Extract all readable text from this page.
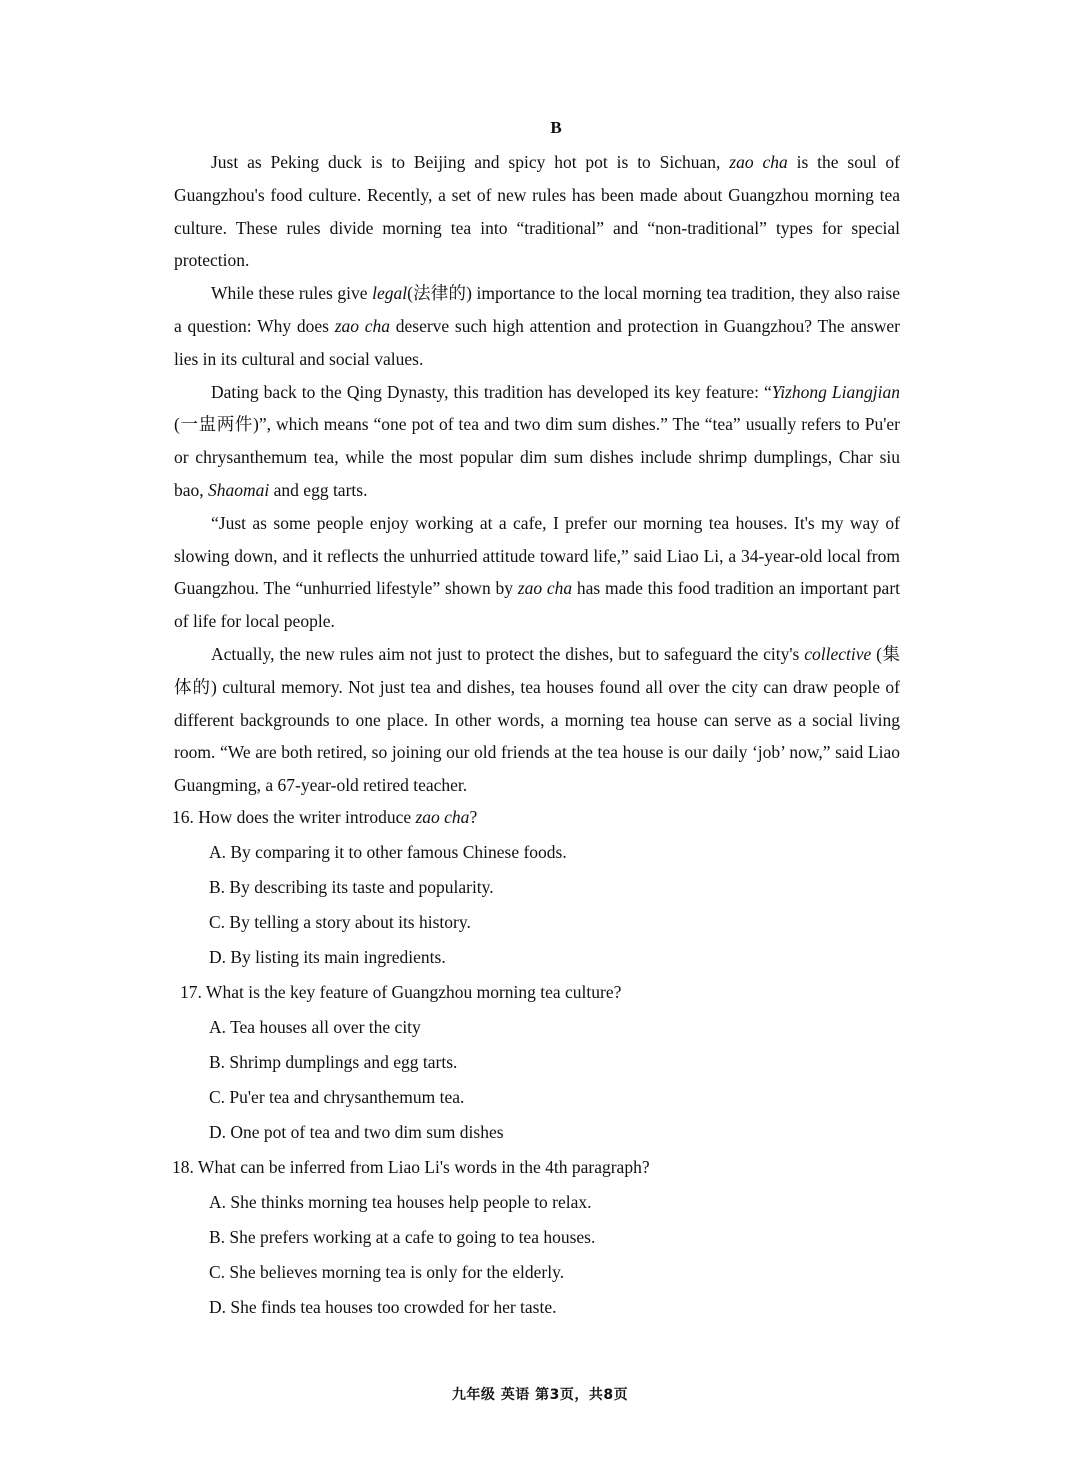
B

Just as Peking duck is to Beijing and spicy hot pot is to Sichuan, zao cha is the soul of Guangzhou's food culture. Recently, a set of new rules has been made about Guangzhou morning tea culture. These rules divide morning tea into “traditional” and “non-traditional” types for special protection.

While these rules give legal(法律的) importance to the local morning tea tradition, they also raise a question: Why does zao cha deserve such high attention and protection in Guangzhou? The answer lies in its cultural and social values.

Dating back to the Qing Dynasty, this tradition has developed its key feature: “Yizhong Liangjian (一盅两件)”, which means “one pot of tea and two dim sum dishes.” The “tea” usually refers to Pu'er or chrysanthemum tea, while the most popular dim sum dishes include shrimp dumplings, Char siu bao, Shaomai and egg tarts.

“Just as some people enjoy working at a cafe, I prefer our morning tea houses. It's my way of slowing down, and it reflects the unhurried attitude toward life,” said Liao Li, a 34-year-old local from Guangzhou. The “unhurried lifestyle” shown by zao cha has made this food tradition an important part of life for local people.

Actually, the new rules aim not just to protect the dishes, but to safeguard the city's collective (集体的) cultural memory. Not just tea and dishes, tea houses found all over the city can draw people of different backgrounds to one place. In other words, a morning tea house can serve as a social living room. “We are both retired, so joining our old friends at the tea house is our daily ‘job’ now,” said Liao Guangming, a 67-year-old retired teacher.

16. How does the writer introduce zao cha?
A. By comparing it to other famous Chinese foods.
B. By describing its taste and popularity.
C. By telling a story about its history.
D. By listing its main ingredients.
17. What is the key feature of Guangzhou morning tea culture?
A. Tea houses all over the city
B. Shrimp dumplings and egg tarts.
C. Pu'er tea and chrysanthemum tea.
D. One pot of tea and two dim sum dishes
18. What can be inferred from Liao Li's words in the 4th paragraph?
A. She thinks morning tea houses help people to relax.
B. She prefers working at a cafe to going to tea houses.
C. She believes morning tea is only for the elderly.
D. She finds tea houses too crowded for her taste.
九年级 英语 第3页，共8页
